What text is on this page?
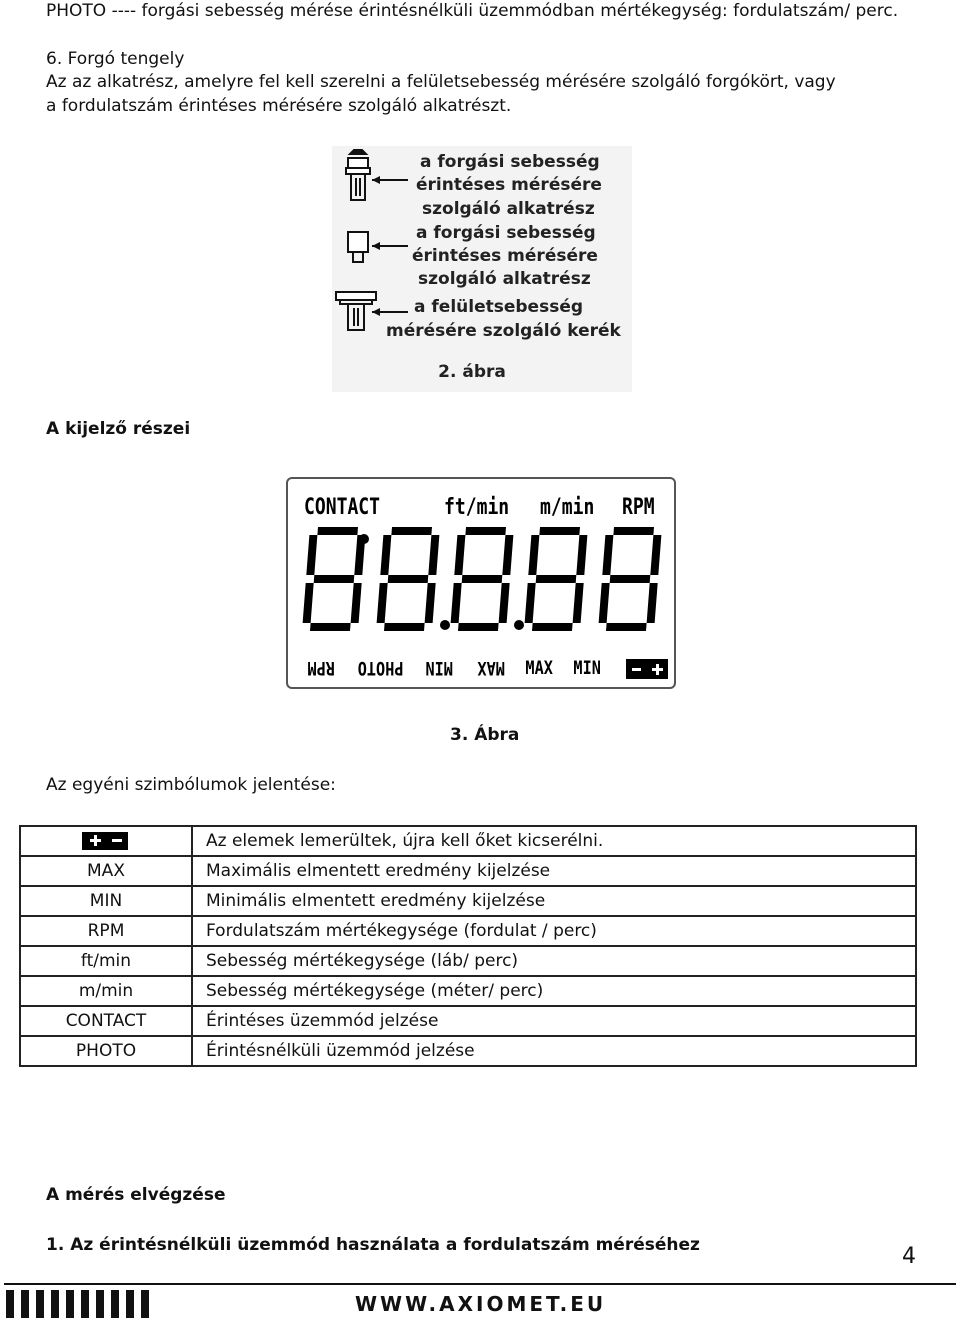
PHOTO ---- forgási sebesség mérése érintésnélküli üzemmódban mértékegység: fordulatszám/ perc.
6. Forgó tengely
Az az alkatrész, amelyre fel kell szerelni a felületsebesség mérésére szolgáló forgókört, vagy
a fordulatszám érintéses mérésére szolgáló alkatrészt.
a forgási sebesség
érintéses mérésére
szolgáló alkatrész
a forgási sebesség
érintéses mérésére
szolgáló alkatrész
a felületsebesség
mérésére szolgáló kerék
2. ábra
A kijelző részei
CONTACT	ft/min m/min RPM
RPM PHOTO MIN MAX MAX MIN
3. Ábra
Az egyéni szimbólumok jelentése:
	Az elemek lemerültek, újra kell őket kicserélni.
MAX	Maximális elmentett eredmény kijelzése
MIN	Minimális elmentett eredmény kijelzése
RPM	Fordulatszám mértékegysége (fordulat / perc)
ft/min	Sebesség mértékegysége (láb/ perc)
m/min	Sebesség mértékegysége (méter/ perc)
CONTACT	Érintéses üzemmód jelzése
PHOTO	Érintésnélküli üzemmód jelzése
A mérés elvégzése
1. Az érintésnélküli üzemmód használata a fordulatszám méréséhez	4
WWW.AXIOMET.EU
